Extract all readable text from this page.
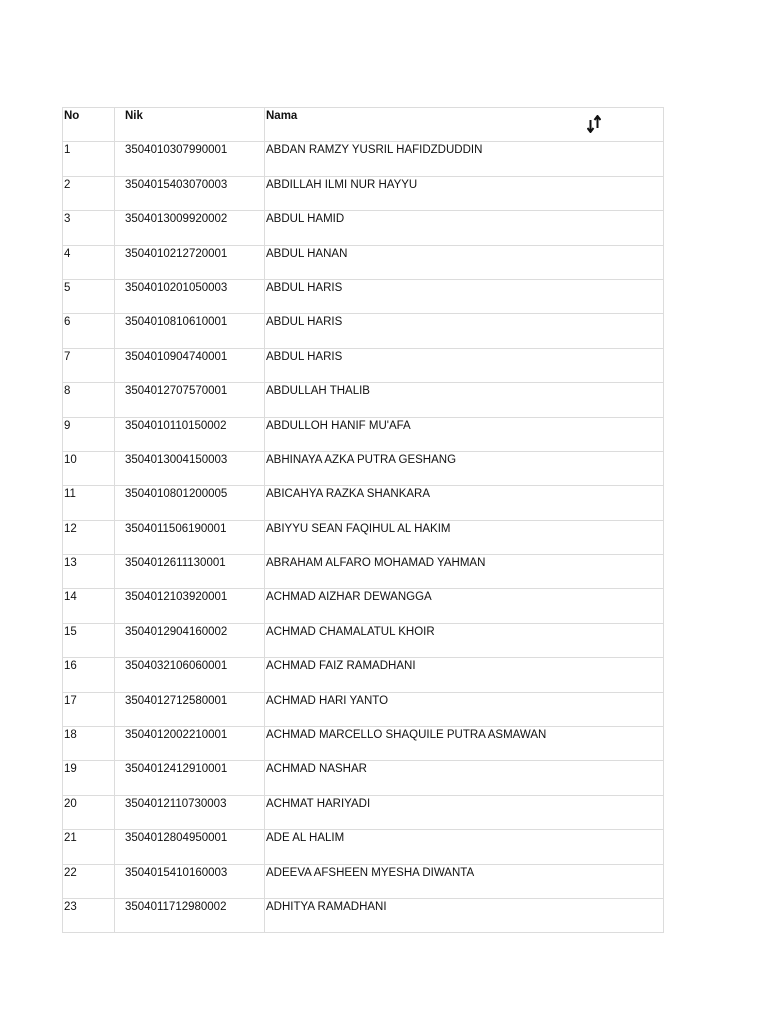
No	Nik	Nama

1	3504010307990001	ABDAN RAMZY YUSRIL HAFIDZDUDDIN

2	3504015403070003	ABDILLAH ILMI NUR HAYYU

3	3504013009920002	ABDUL HAMID

4	3504010212720001	ABDUL HANAN

5	3504010201050003	ABDUL HARIS

6	3504010810610001	ABDUL HARIS

7	3504010904740001	ABDUL HARIS

8	3504012707570001	ABDULLAH THALIB

9	3504010110150002	ABDULLOH HANIF MU'AFA

10	3504013004150003	ABHINAYA AZKA PUTRA GESHANG

11	3504010801200005	ABICAHYA RAZKA SHANKARA

12	3504011506190001	ABIYYU SEAN FAQIHUL AL HAKIM

13	3504012611130001	ABRAHAM ALFARO MOHAMAD YAHMAN

14	3504012103920001	ACHMAD AIZHAR DEWANGGA

15	3504012904160002	ACHMAD CHAMALATUL KHOIR

16	3504032106060001	ACHMAD FAIZ RAMADHANI

17	3504012712580001	ACHMAD HARI YANTO

18	3504012002210001	ACHMAD MARCELLO SHAQUILE PUTRA ASMAWAN

19	3504012412910001	ACHMAD NASHAR

20	3504012110730003	ACHMAT HARIYADI

21	3504012804950001	ADE AL HALIM

22	3504015410160003	ADEEVA AFSHEEN MYESHA DIWANTA

23	3504011712980002	ADHITYA RAMADHANI
